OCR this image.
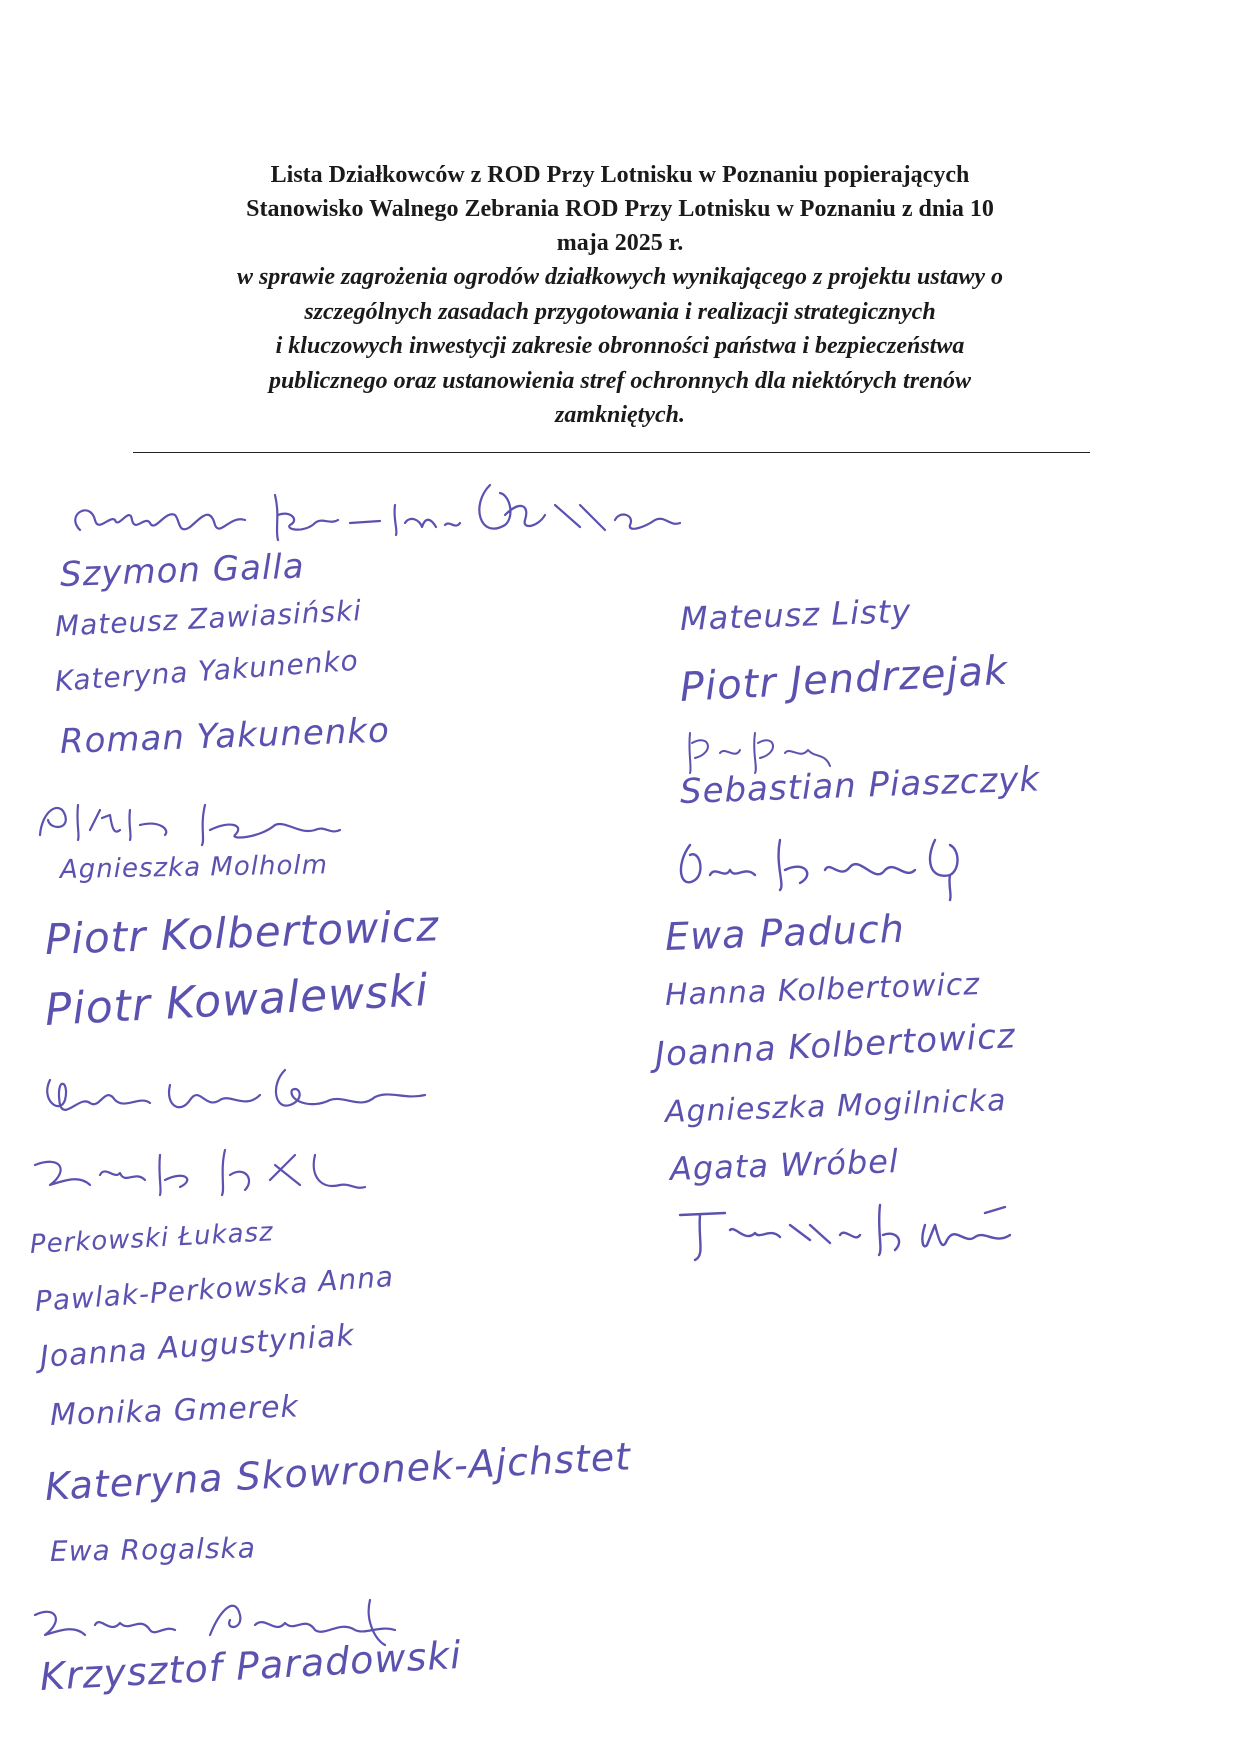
Lista Działkowców z ROD Przy Lotnisku w Poznaniu popierających

Stanowisko Walnego Zebrania ROD Przy Lotnisku w Poznaniu z dnia 10

maja 2025 r.

w sprawie zagrożenia ogrodów działkowych wynikającego z projektu ustawy o

szczególnych zasadach przygotowania i realizacji strategicznych

i kluczowych inwestycji zakresie obronności państwa i bezpieczeństwa

publicznego oraz ustanowienia stref ochronnych dla niektórych trenów

zamkniętych.

Szymon Galla
Mateusz Zawiasiński
Kateryna Yakunenko
Roman Yakunenko
Agnieszka Molholm
Piotr Kolbertowicz
Piotr Kowalewski
Perkowski Łukasz
Pawlak-Perkowska Anna
Joanna Augustyniak
Monika Gmerek
Kateryna Skowronek-Ajchstet
Ewa Rogalska
Krzysztof Paradowski
Mateusz Listy
Piotr Jendrzejak
Sebastian Piaszczyk
Ewa Paduch
Hanna Kolbertowicz
Joanna Kolbertowicz
Agnieszka Mogilnicka
Agata Wróbel
